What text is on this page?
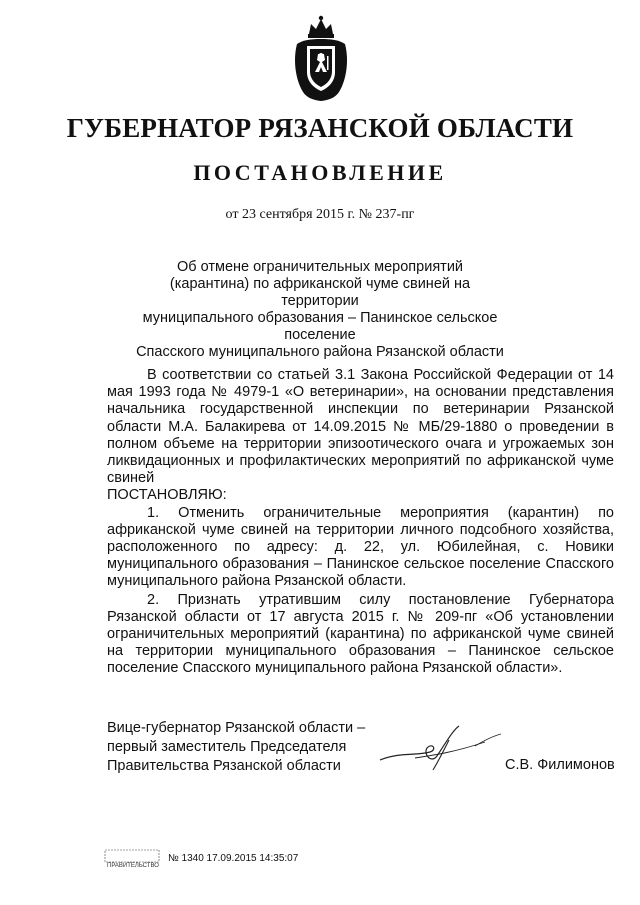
ГУБЕРНАТОР РЯЗАНСКОЙ ОБЛАСТИ
ПОСТАНОВЛЕНИЕ
от 23 сентября 2015 г. № 237-пг
Об отмене ограничительных мероприятий
(карантина) по африканской чуме свиней на территории
муниципального образования – Панинское сельское поселение
Спасского муниципального района Рязанской области

В соответствии со статьей 3.1 Закона Российской Федерации от 14 мая 1993 года № 4979-1 «О ветеринарии», на основании представления начальника государственной инспекции по ветеринарии Рязанской области М.А. Балакирева от 14.09.2015 № МБ/29-1880 о проведении в полном объеме на территории эпизоотического очага и угрожаемых зон ликвидационных и профилактических мероприятий по африканской чуме свиней

ПОСТАНОВЛЯЮ:

1. Отменить ограничительные мероприятия (карантин) по африканской чуме свиней на территории личного подсобного хозяйства, расположенного по адресу: д. 22, ул. Юбилейная, с. Новики муниципального образования – Панинское сельское поселение Спасского муниципального района Рязанской области.

2. Признать утратившим силу постановление Губернатора Рязанской области от 17 августа 2015 г. № 209-пг «Об установлении ограничительных мероприятий (карантина) по африканской чуме свиней на территории муниципального образования – Панинское сельское поселение Спасского муниципального района Рязанской области».

Вице-губернатор Рязанской области –
первый заместитель Председателя
Правительства Рязанской области	С.В. Филимонов
ПРАВИТЕЛЬСТВО
№ 1340 17.09.2015 14:35:07
